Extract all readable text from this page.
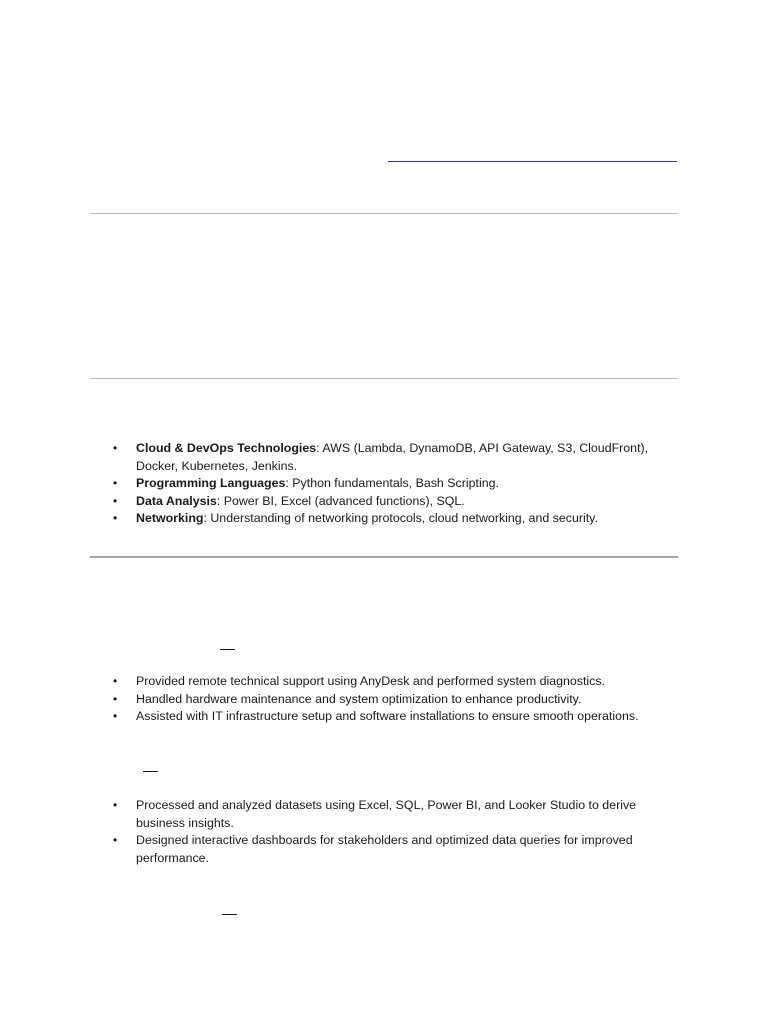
•	Cloud & DevOps Technologies: AWS (Lambda, DynamoDB, API Gateway, S3, CloudFront), Docker, Kubernetes, Jenkins.
•	Programming Languages: Python fundamentals, Bash Scripting.
•	Data Analysis: Power BI, Excel (advanced functions), SQL.
•	Networking: Understanding of networking protocols, cloud networking, and security.
•	Provided remote technical support using AnyDesk and performed system diagnostics.
•	Handled hardware maintenance and system optimization to enhance productivity.
•	Assisted with IT infrastructure setup and software installations to ensure smooth operations.
•	Processed and analyzed datasets using Excel, SQL, Power BI, and Looker Studio to derive business insights.
•	Designed interactive dashboards for stakeholders and optimized data queries for improved performance.
